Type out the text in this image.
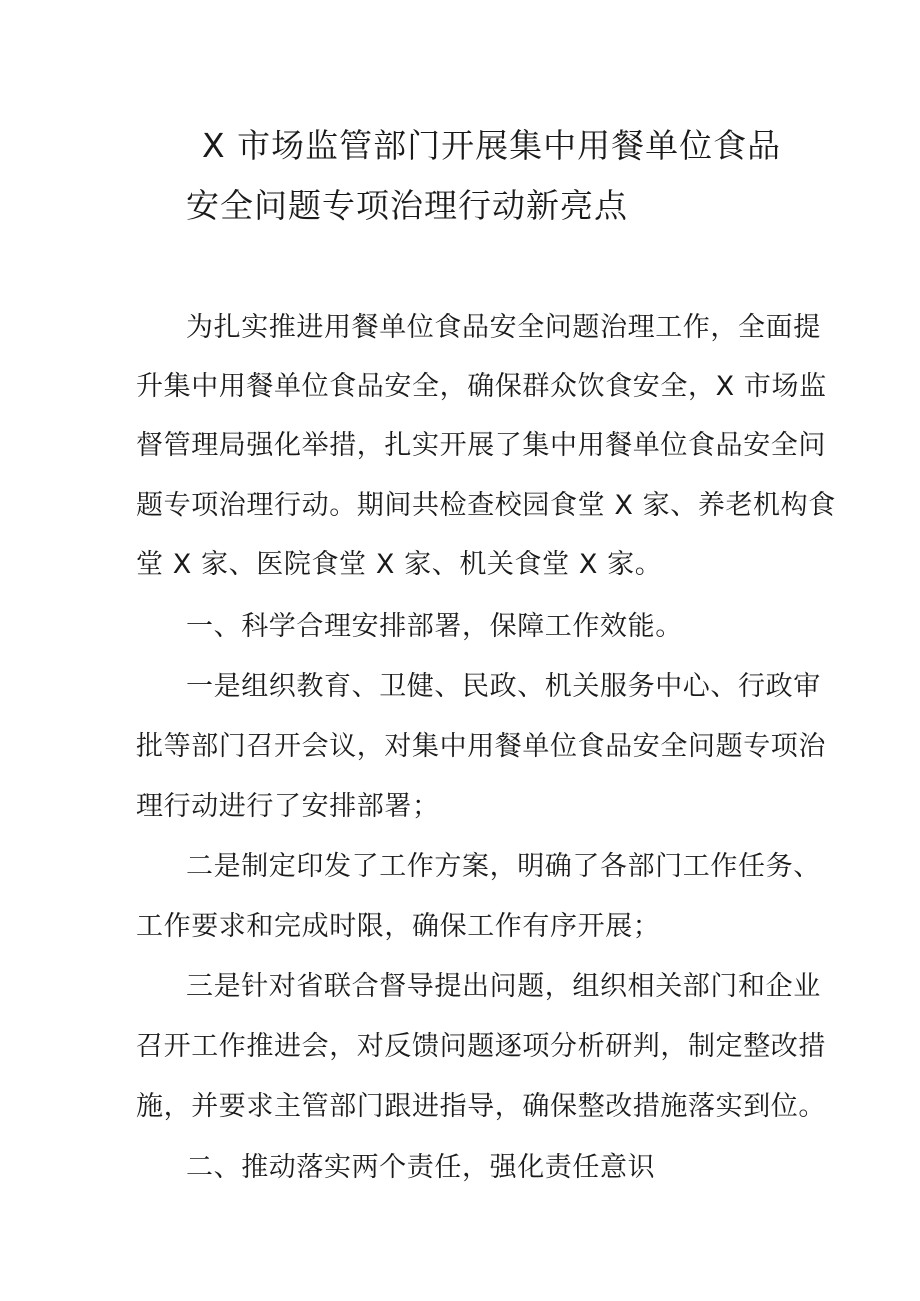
X 市场监管部门开展集中用餐单位食品
安全问题专项治理行动新亮点
为扎实推进用餐单位食品安全问题治理工作，全面提
升集中用餐单位食品安全，确保群众饮食安全，X 市场监
督管理局强化举措，扎实开展了集中用餐单位食品安全问
题专项治理行动。期间共检查校园食堂 X 家、养老机构食
堂 X 家、医院食堂 X 家、机关食堂 X 家。
一、科学合理安排部署，保障工作效能。
一是组织教育、卫健、民政、机关服务中心、行政审
批等部门召开会议，对集中用餐单位食品安全问题专项治
理行动进行了安排部署；
二是制定印发了工作方案，明确了各部门工作任务、
工作要求和完成时限，确保工作有序开展；
三是针对省联合督导提出问题，组织相关部门和企业
召开工作推进会，对反馈问题逐项分析研判，制定整改措
施，并要求主管部门跟进指导，确保整改措施落实到位。
二、推动落实两个责任，强化责任意识
